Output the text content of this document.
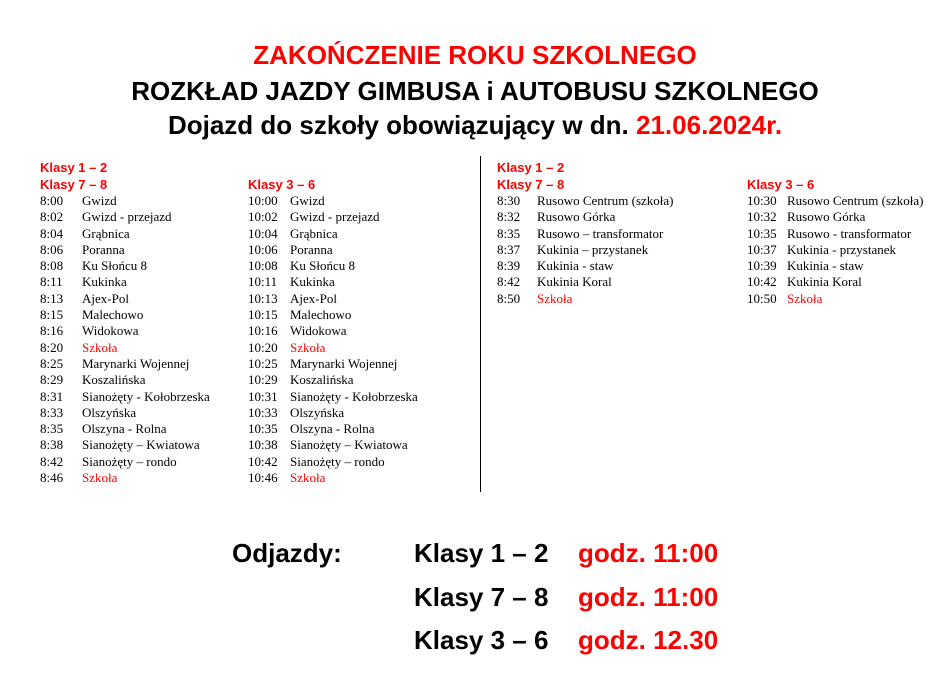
ZAKOŃCZENIE ROKU SZKOLNEGO
ROZKŁAD JAZDY GIMBUSA i AUTOBUSU SZKOLNEGO
Dojazd do szkoły obowiązujący w dn. 21.06.2024r.
Klasy 1 – 2
Klasy 7 – 8
8:00 Gwizd
8:02 Gwizd - przejazd
8:04 Grąbnica
8:06 Poranna
8:08 Ku Słońcu 8
8:11 Kukinka
8:13 Ajex-Pol
8:15 Malechowo
8:16 Widokowa
8:20 Szkoła
8:25 Marynarki Wojennej
8:29 Koszalińska
8:31 Sianożęty - Kołobrzeska
8:33 Olszyńska
8:35 Olszyna - Rolna
8:38 Sianożęty – Kwiatowa
8:42 Sianożęty – rondo
8:46 Szkoła
Klasy 3 – 6
10:00 Gwizd
10:02 Gwizd - przejazd
10:04 Grąbnica
10:06 Poranna
10:08 Ku Słońcu 8
10:11 Kukinka
10:13 Ajex-Pol
10:15 Malechowo
10:16 Widokowa
10:20 Szkoła
10:25 Marynarki Wojennej
10:29 Koszalińska
10:31 Sianożęty - Kołobrzeska
10:33 Olszyńska
10:35 Olszyna - Rolna
10:38 Sianożęty – Kwiatowa
10:42 Sianożęty – rondo
10:46 Szkoła
Klasy 1 – 2
Klasy 7 – 8
8:30 Rusowo Centrum (szkoła)
8:32 Rusowo Górka
8:35 Rusowo – transformator
8:37 Kukinia – przystanek
8:39 Kukinia - staw
8:42 Kukinia Koral
8:50 Szkoła
Klasy 3 – 6
10:30 Rusowo Centrum (szkoła)
10:32 Rusowo Górka
10:35 Rusowo - transformator
10:37 Kukinia - przystanek
10:39 Kukinia - staw
10:42 Kukinia Koral
10:50 Szkoła
Odjazdy:	Klasy 1 – 2 godz. 11:00
Klasy 7 – 8 godz. 11:00
Klasy 3 – 6 godz. 12.30
